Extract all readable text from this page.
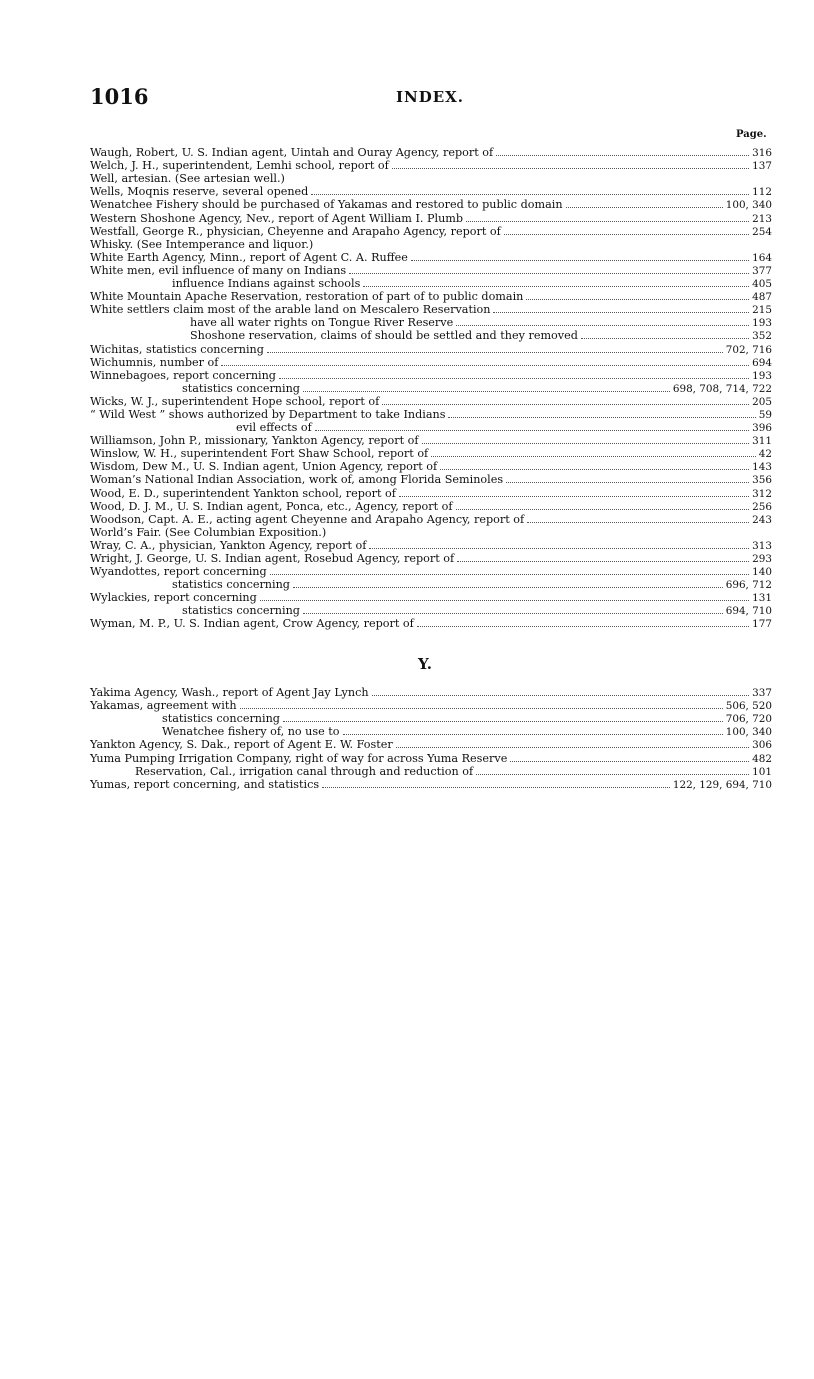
1016	INDEX.
Page.
Waugh, Robert, U. S. Indian agent, Uintah and Ouray Agency, report of	316
Welch, J. H., superintendent, Lemhi school, report of	137
Well, artesian. (See artesian well.)
Wells, Moqnis reserve, several opened	112
Wenatchee Fishery should be purchased of Yakamas and restored to public domain	100, 340
Western Shoshone Agency, Nev., report of Agent William I. Plumb	213
Westfall, George R., physician, Cheyenne and Arapaho Agency, report of	254
Whisky. (See Intemperance and liquor.)
White Earth Agency, Minn., report of Agent C. A. Ruffee	164
White men, evil influence of many on Indians	377
influence Indians against schools	405
White Mountain Apache Reservation, restoration of part of to public domain	487
White settlers claim most of the arable land on Mescalero Reservation	215
have all water rights on Tongue River Reserve	193
Shoshone reservation, claims of should be settled and they removed	352
Wichitas, statistics concerning	702, 716
Wichumnis, number of	694
Winnebagoes, report concerning	193
statistics concerning	698, 708, 714, 722
Wicks, W. J., superintendent Hope school, report of	205
“ Wild West ” shows authorized by Department to take Indians	59
evil effects of	396
Williamson, John P., missionary, Yankton Agency, report of	311
Winslow, W. H., superintendent Fort Shaw School, report of	42
Wisdom, Dew M., U. S. Indian agent, Union Agency, report of	143
Woman’s National Indian Association, work of, among Florida Seminoles	356
Wood, E. D., superintendent Yankton school, report of	312
Wood, D. J. M., U. S. Indian agent, Ponca, etc., Agency, report of	256
Woodson, Capt. A. E., acting agent Cheyenne and Arapaho Agency, report of	243
World’s Fair. (See Columbian Exposition.)
Wray, C. A., physician, Yankton Agency, report of	313
Wright, J. George, U. S. Indian agent, Rosebud Agency, report of	293
Wyandottes, report concerning	140
statistics concerning	696, 712
Wylackies, report concerning	131
statistics concerning	694, 710
Wyman, M. P., U. S. Indian agent, Crow Agency, report of	177
Y.
Yakima Agency, Wash., report of Agent Jay Lynch	337
Yakamas, agreement with	506, 520
statistics concerning	706, 720
Wenatchee fishery of, no use to	100, 340
Yankton Agency, S. Dak., report of Agent E. W. Foster	306
Yuma Pumping Irrigation Company, right of way for across Yuma Reserve	482
Reservation, Cal., irrigation canal through and reduction of	101
Yumas, report concerning, and statistics	122, 129, 694, 710
